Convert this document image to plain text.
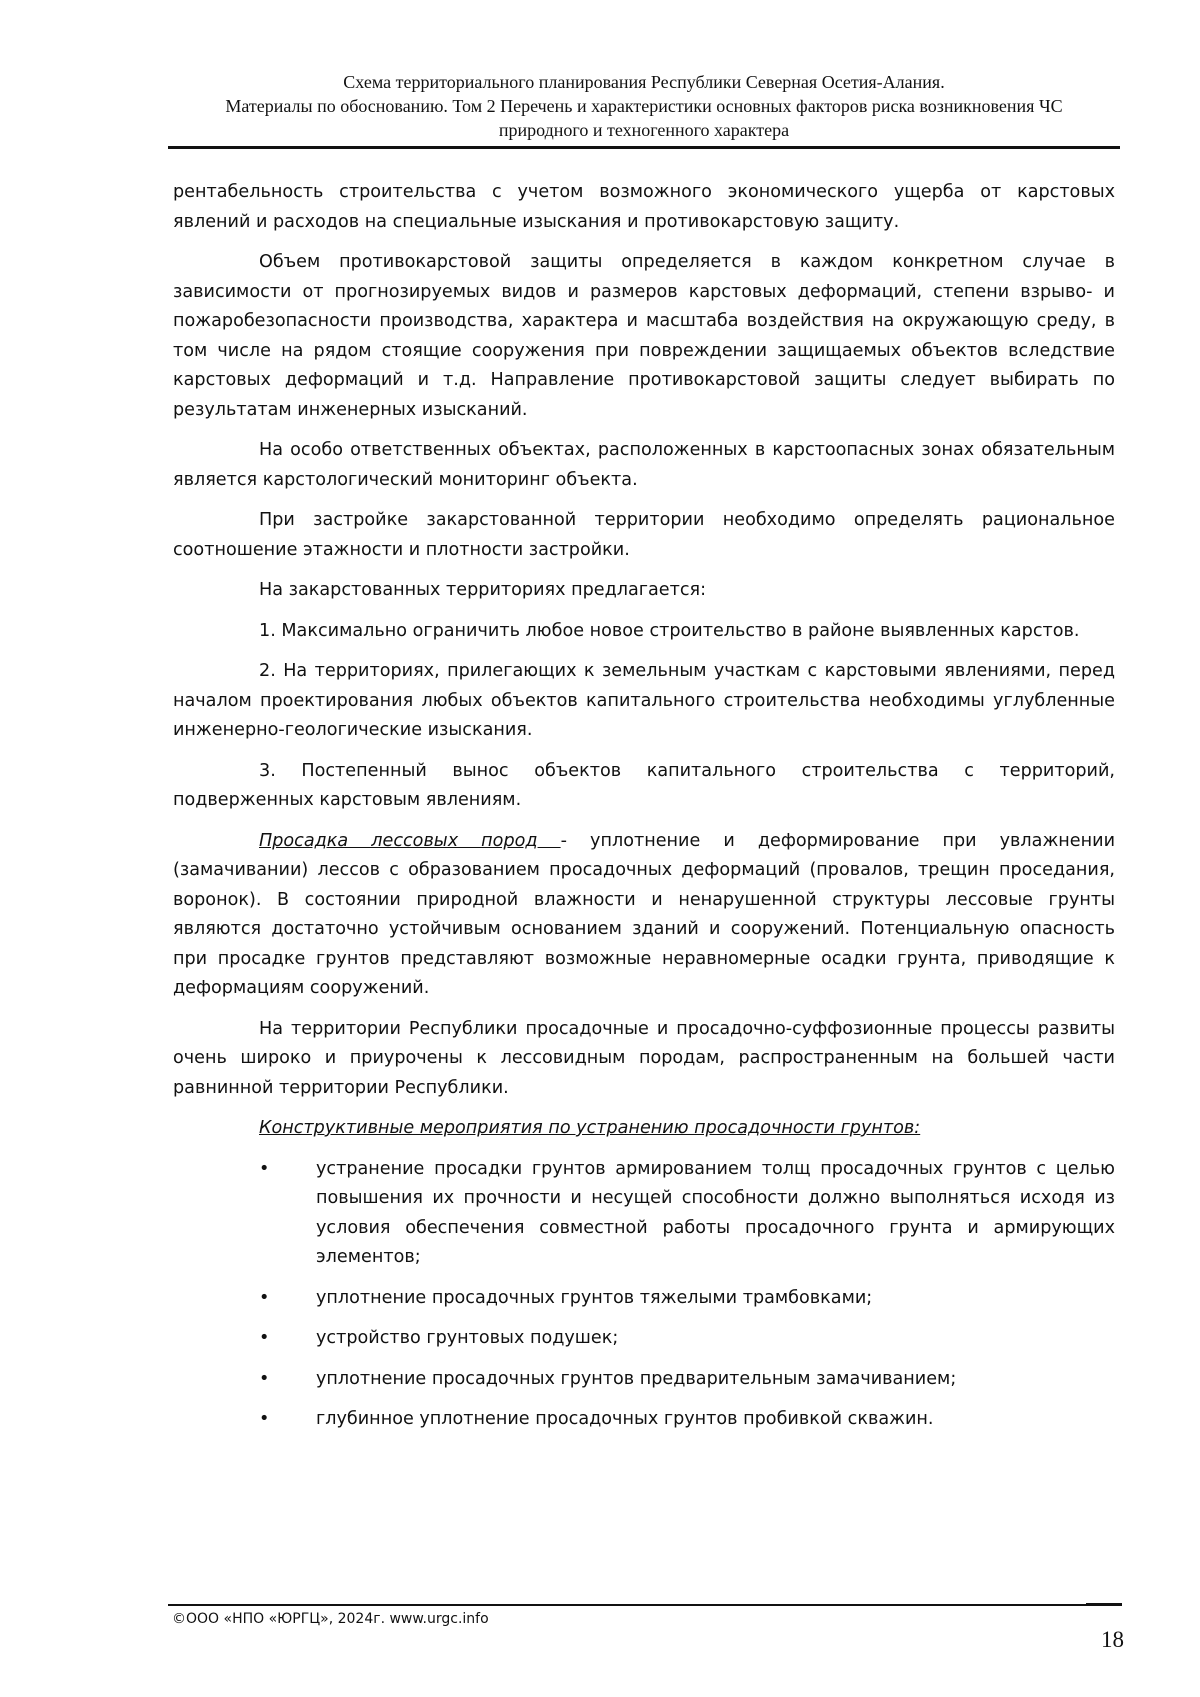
Схема территориального планирования Республики Северная Осетия-Алания.
Материалы по обоснованию. Том 2 Перечень и характеристики основных факторов риска возникновения ЧС
природного и техногенного характера

рентабельность строительства с учетом возможного экономического ущерба от карстовых явлений и расходов на специальные изыскания и противокарстовую защиту.

Объем противокарстовой защиты определяется в каждом конкретном случае в зависимости от прогнозируемых видов и размеров карстовых деформаций, степени взрыво- и пожаробезопасности производства, характера и масштаба воздействия на окружающую среду, в том числе на рядом стоящие сооружения при повреждении защищаемых объектов вследствие карстовых деформаций и т.д. Направление противокарстовой защиты следует выбирать по результатам инженерных изысканий.

На особо ответственных объектах, расположенных в карстоопасных зонах обязательным является карстологический мониторинг объекта.

При застройке закарстованной территории необходимо определять рациональное соотношение этажности и плотности застройки.

На закарстованных территориях предлагается:

1. Максимально ограничить любое новое строительство в районе выявленных карстов.

2. На территориях, прилегающих к земельным участкам с карстовыми явлениями, перед началом проектирования любых объектов капитального строительства необходимы углубленные инженерно-геологические изыскания.

3. Постепенный вынос объектов капитального строительства с территорий, подверженных карстовым явлениям.

Просадка лессовых пород - уплотнение и деформирование при увлажнении (замачивании) лессов с образованием просадочных деформаций (провалов, трещин проседания, воронок). В состоянии природной влажности и ненарушенной структуры лессовые грунты являются достаточно устойчивым основанием зданий и сооружений. Потенциальную опасность при просадке грунтов представляют возможные неравномерные осадки грунта, приводящие к деформациям сооружений.

На территории Республики просадочные и просадочно-суффозионные процессы развиты очень широко и приурочены к лессовидным породам, распространенным на большей части равнинной территории Республики.

Конструктивные мероприятия по устранению просадочности грунтов:

•	устранение просадки грунтов армированием толщ просадочных грунтов с целью повышения их прочности и несущей способности должно выполняться исходя из условия обеспечения совместной работы просадочного грунта и армирующих элементов;
•	уплотнение просадочных грунтов тяжелыми трамбовками;
•	устройство грунтовых подушек;
•	уплотнение просадочных грунтов предварительным замачиванием;
•	глубинное уплотнение просадочных грунтов пробивкой скважин.
©ООО «НПО «ЮРГЦ», 2024г. www.urgc.info
18
